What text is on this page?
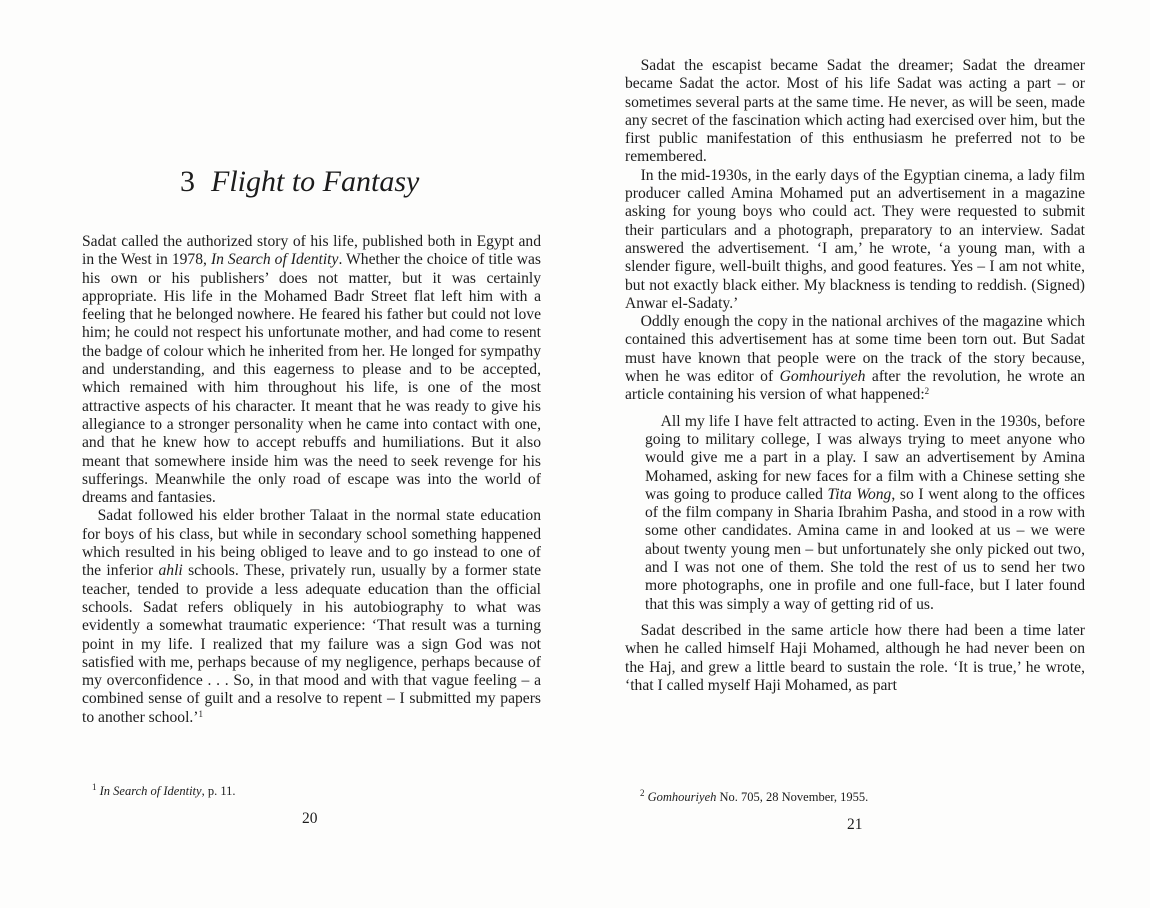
3 Flight to Fantasy

Sadat called the authorized story of his life, published both in Egypt and in the West in 1978, In Search of Identity. Whether the choice of title was his own or his publishers’ does not matter, but it was certainly appropriate. His life in the Mohamed Badr Street flat left him with a feeling that he belonged nowhere. He feared his father but could not love him; he could not respect his unfortunate mother, and had come to resent the badge of colour which he inherited from her. He longed for sympathy and understanding, and this eagerness to please and to be accepted, which remained with him throughout his life, is one of the most attractive aspects of his character. It meant that he was ready to give his allegiance to a stronger personality when he came into contact with one, and that he knew how to accept rebuffs and humiliations. But it also meant that somewhere inside him was the need to seek revenge for his sufferings. Meanwhile the only road of escape was into the world of dreams and fantasies.

Sadat followed his elder brother Talaat in the normal state education for boys of his class, but while in secondary school something happened which resulted in his being obliged to leave and to go instead to one of the inferior ahli schools. These, privately run, usually by a former state teacher, tended to provide a less adequate education than the official schools. Sadat refers obliquely in his autobiography to what was evidently a somewhat traumatic experience: ‘That result was a turning point in my life. I realized that my failure was a sign God was not satisfied with me, perhaps because of my negligence, perhaps because of my overconfidence . . . So, in that mood and with that vague feeling – a combined sense of guilt and a resolve to repent – I submitted my papers to another school.’$^1$

$^1$ In Search of Identity, p. 11.
20

Sadat the escapist became Sadat the dreamer; Sadat the dreamer became Sadat the actor. Most of his life Sadat was acting a part – or sometimes several parts at the same time. He never, as will be seen, made any secret of the fascination which acting had exercised over him, but the first public manifestation of this enthusiasm he preferred not to be remembered.

In the mid-1930s, in the early days of the Egyptian cinema, a lady film producer called Amina Mohamed put an advertisement in a magazine asking for young boys who could act. They were requested to submit their particulars and a photograph, preparatory to an interview. Sadat answered the advertisement. ‘I am,’ he wrote, ‘a young man, with a slender figure, well-built thighs, and good features. Yes – I am not white, but not exactly black either. My blackness is tending to reddish. (Signed) Anwar el-Sadaty.’

Oddly enough the copy in the national archives of the magazine which contained this advertisement has at some time been torn out. But Sadat must have known that people were on the track of the story because, when he was editor of Gomhouriyeh after the revolution, he wrote an article containing his version of what happened:$^2$

All my life I have felt attracted to acting. Even in the 1930s, before going to military college, I was always trying to meet anyone who would give me a part in a play. I saw an advertisement by Amina Mohamed, asking for new faces for a film with a Chinese setting she was going to produce called Tita Wong, so I went along to the offices of the film company in Sharia Ibrahim Pasha, and stood in a row with some other candidates. Amina came in and looked at us – we were about twenty young men – but unfortunately she only picked out two, and I was not one of them. She told the rest of us to send her two more photographs, one in profile and one full-face, but I later found that this was simply a way of getting rid of us.

Sadat described in the same article how there had been a time later when he called himself Haji Mohamed, although he had never been on the Haj, and grew a little beard to sustain the role. ‘It is true,’ he wrote, ‘that I called myself Haji Mohamed, as part

$^2$ Gomhouriyeh No. 705, 28 November, 1955.
21
